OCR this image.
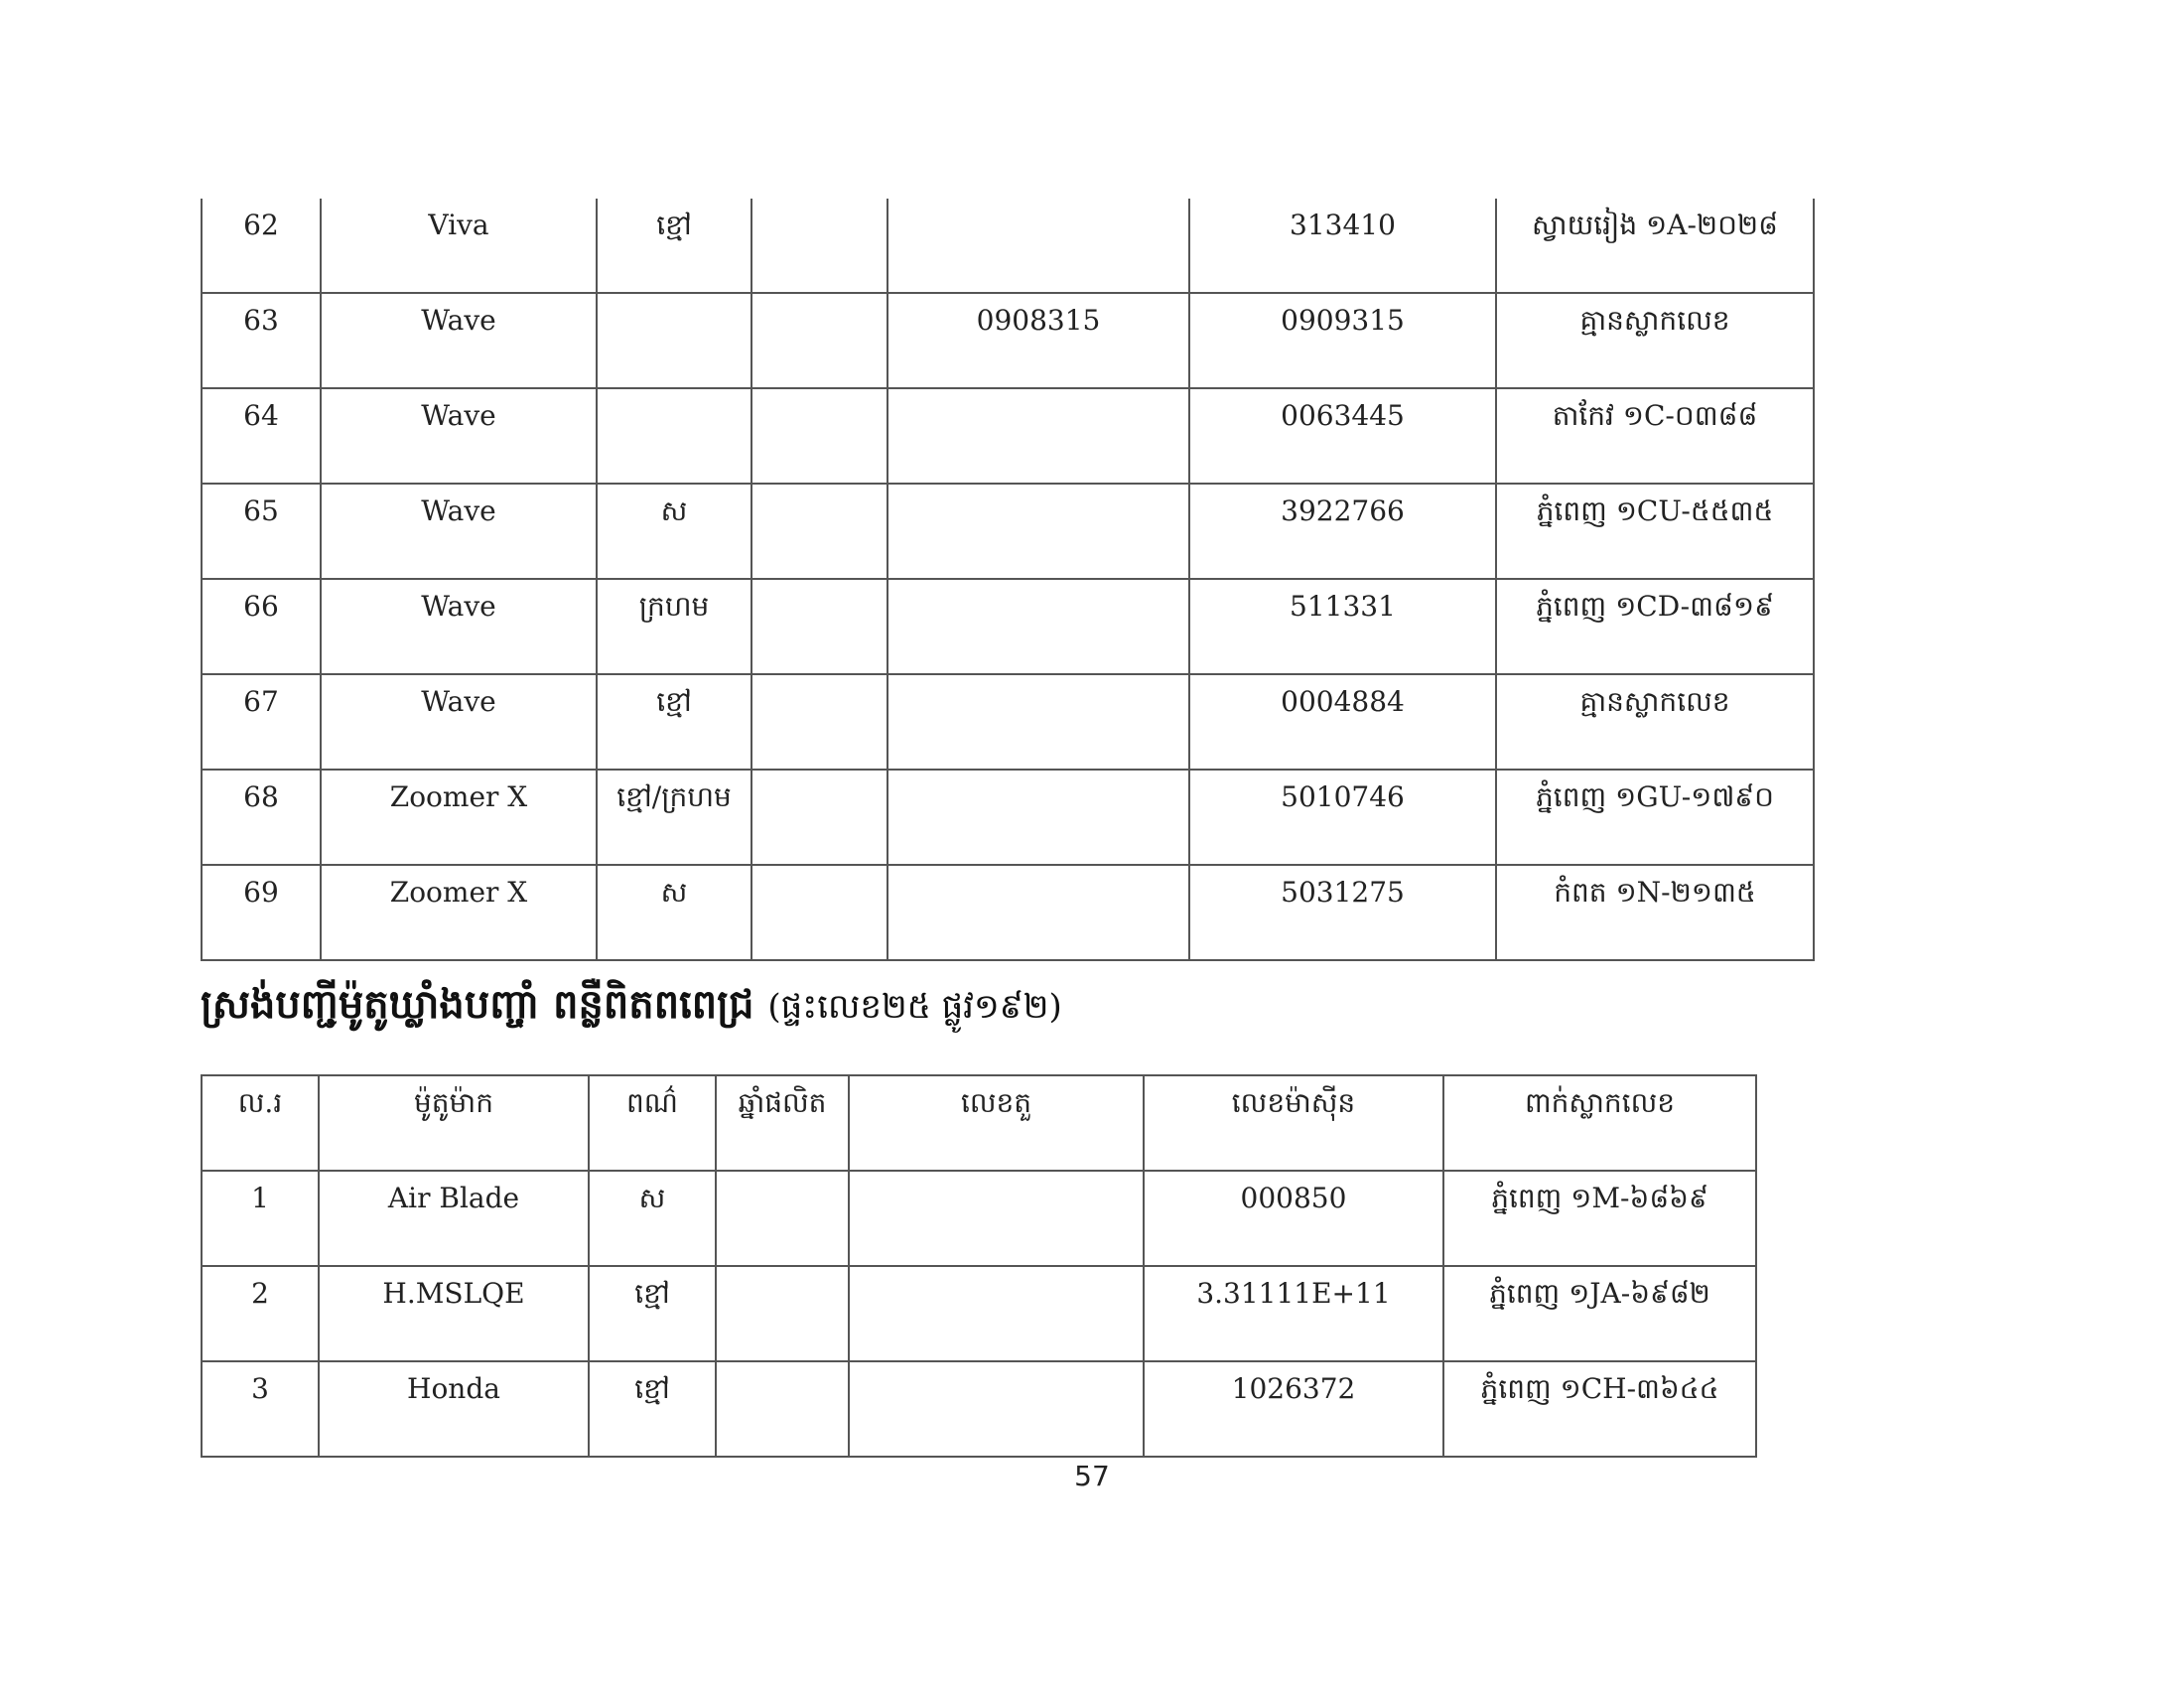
62	Viva	ខ្មៅ			313410	ស្វាយរៀង ១A-២០២៨
63	Wave			0908315	0909315	គ្មានស្លាកលេខ
64	Wave				0063445	តាកែវ ១C-០៣៨៨
65	Wave	ស			3922766	ភ្នំពេញ ១CU-៥៥៣៥
66	Wave	ក្រហម			511331	ភ្នំពេញ ១CD-៣៨១៩
67	Wave	ខ្មៅ			0004884	គ្មានស្លាកលេខ
68	Zoomer X	ខ្មៅ/ក្រហម			5010746	ភ្នំពេញ ១GU-១៧៩០
69	Zoomer X	ស			5031275	កំពត ១N-២១៣៥
ស្រង់បញ្ជីម៉ូតូឃ្លាំងបញ្ចាំ ពន្លឺពិតពពេជ្រ (ផ្ទះលេខ២៥ ផ្លូវ១៩២)
ល.រ	ម៉ូតូម៉ាក	ពណ៌	ឆ្នាំផលិត	លេខតួ	លេខម៉ាស៊ីន	ពាក់ស្លាកលេខ
1	Air Blade	ស			000850	ភ្នំពេញ ១M-៦៨៦៩
2	H.MSLQE	ខ្មៅ			3.31111E+11	ភ្នំពេញ ១JA-៦៩៨២
3	Honda	ខ្មៅ			1026372	ភ្នំពេញ ១CH-៣៦៤៤
57
